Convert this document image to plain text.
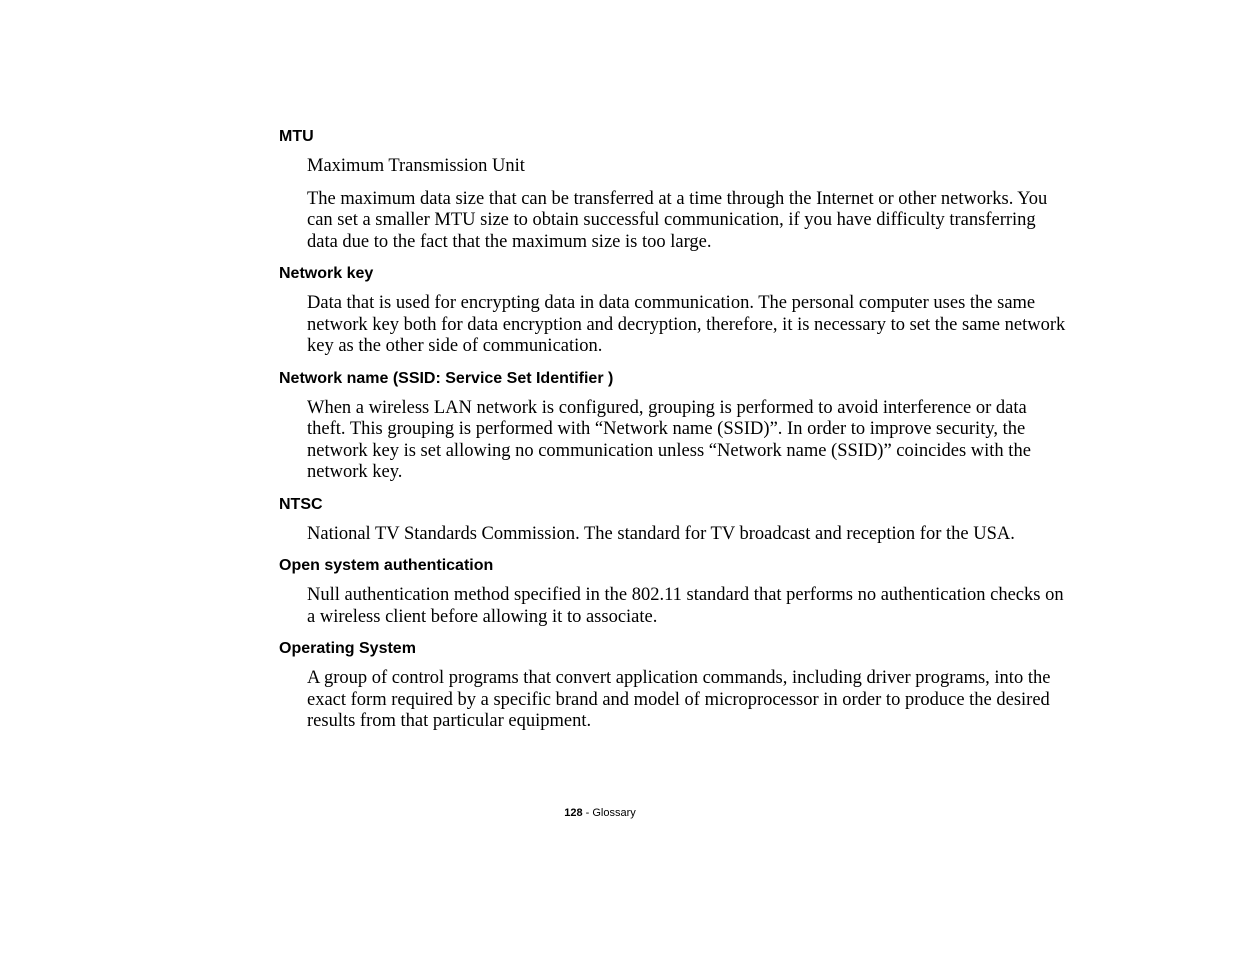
MTU

Maximum Transmission Unit

The maximum data size that can be transferred at a time through the Internet or other networks. You can set a smaller MTU size to obtain successful communication, if you have difficulty transferring data due to the fact that the maximum size is too large.

Network key

Data that is used for encrypting data in data communication. The personal computer uses the same network key both for data encryption and decryption, therefore, it is necessary to set the same network key as the other side of communication.

Network name (SSID: Service Set Identifier )

When a wireless LAN network is configured, grouping is performed to avoid interference or data theft. This grouping is performed with “Network name (SSID)”. In order to improve security, the network key is set allowing no communication unless “Network name (SSID)” coincides with the network key.

NTSC

National TV Standards Commission. The standard for TV broadcast and reception for the USA.

Open system authentication

Null authentication method specified in the 802.11 standard that performs no authentication checks on a wireless client before allowing it to associate.

Operating System

A group of control programs that convert application commands, including driver programs, into the exact form required by a specific brand and model of microprocessor in order to produce the desired results from that particular equipment.

128 - Glossary
